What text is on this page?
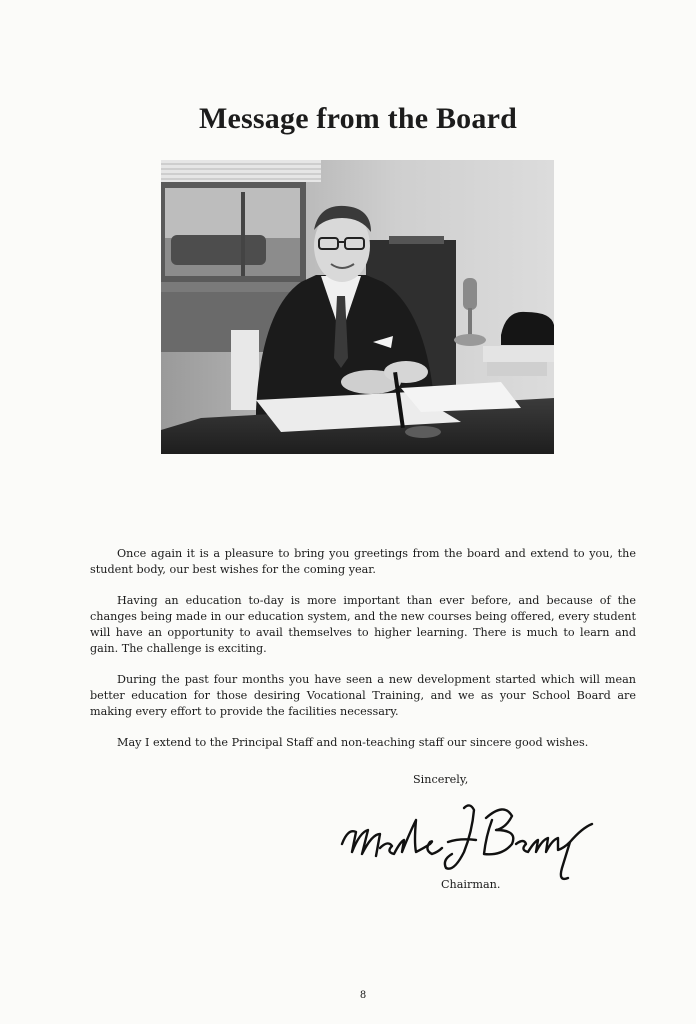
Message from the Board

Once again it is a pleasure to bring you greetings from the board and extend to you, the student body, our best wishes for the coming year.

Having an education to-day is more important than ever before, and because of the changes being made in our education system, and the new courses being offered, every student will have an opportunity to avail themselves to higher learning. There is much to learn and gain. The challenge is exciting.

During the past four months you have seen a new development started which will mean better education for those desiring Vocational Training, and we as your School Board are making every effort to provide the facilities necessary.

May I extend to the Principal Staff and non-teaching staff our sincere good wishes.

Sincerely,
Chairman.
8
